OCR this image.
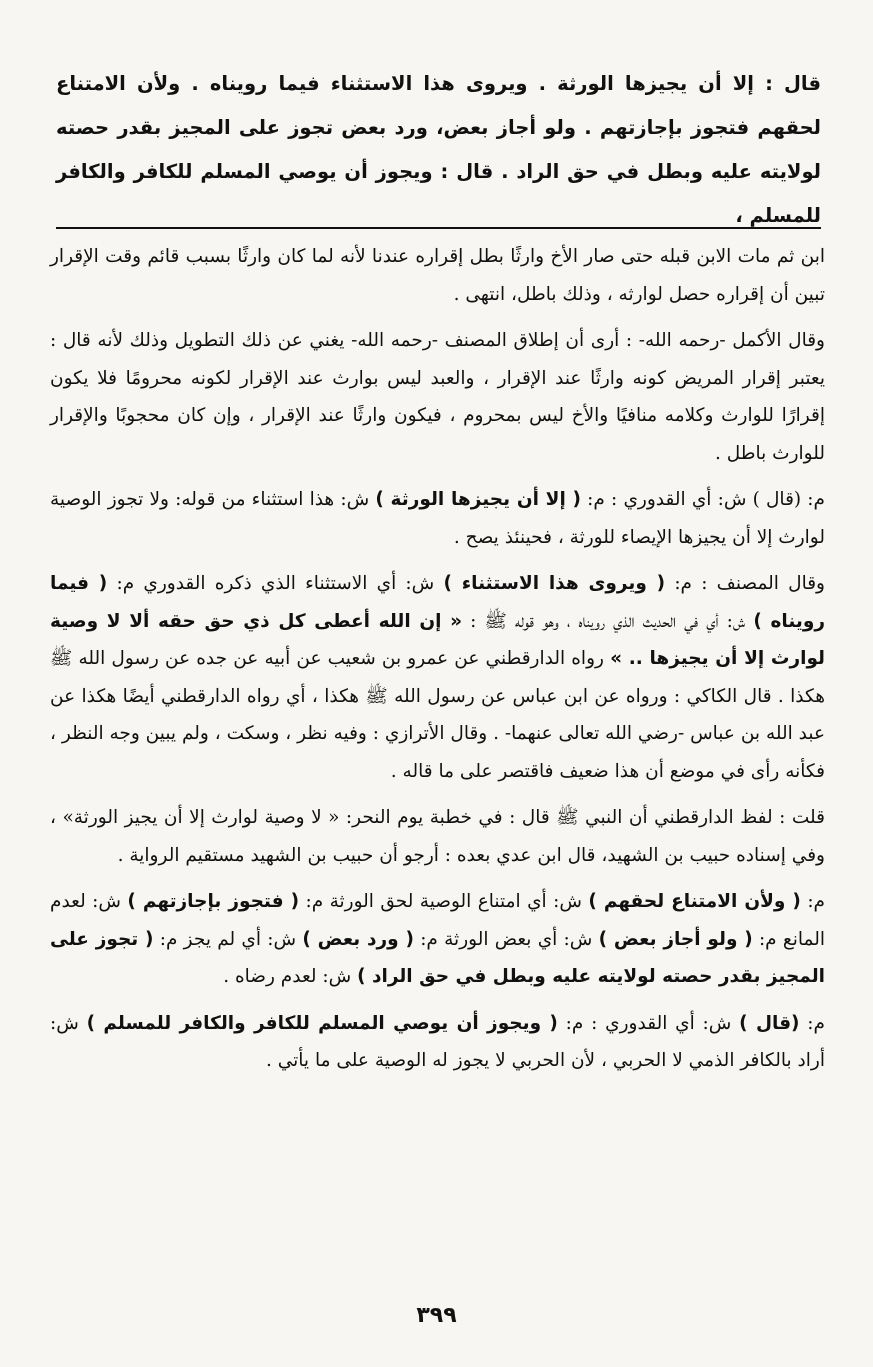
قال : إلا أن يجيزها الورثة . ويروى هذا الاستثناء فيما رويناه . ولأن الامتناع لحقهم فتجوز بإجازتهم . ولو أجاز بعض، ورد بعض تجوز على المجيز بقدر حصته لولايته عليه وبطل في حق الراد . قال : ويجوز أن يوصي المسلم للكافر والكافر للمسلم ،

ابن ثم مات الابن قبله حتى صار الأخ وارثًا بطل إقراره عندنا لأنه لما كان وارثًا بسبب قائم وقت الإقرار تبين أن إقراره حصل لوارثه ، وذلك باطل، انتهى .

وقال الأكمل -رحمه الله- : أرى أن إطلاق المصنف -رحمه الله- يغني عن ذلك التطويل وذلك لأنه قال : يعتبر إقرار المريض كونه وارثًا عند الإقرار ، والعبد ليس بوارث عند الإقرار لكونه محرومًا فلا يكون إقرارًا للوارث وكلامه منافيًا والأخ ليس بمحروم ، فيكون وارثًا عند الإقرار ، وإن كان محجوبًا والإقرار للوارث باطل .

م: (قال ) ش: أي القدوري : م: ( إلا أن يجيزها الورثة ) ش: هذا استثناء من قوله: ولا تجوز الوصية لوارث إلا أن يجيزها الإيصاء للورثة ، فحينئذ يصح .

وقال المصنف : م: ( ويروى هذا الاستثناء ) ش: أي الاستثناء الذي ذكره القدوري م: ( فيما رويناه ) ش: أي في الحديث الذي رويناه ، وهو قوله ﷺ : « إن الله أعطى كل ذي حق حقه ألا لا وصية لوارث إلا أن يجيزها .. » رواه الدارقطني عن عمرو بن شعيب عن أبيه عن جده عن رسول الله ﷺ هكذا . قال الكاكي : ورواه عن ابن عباس عن رسول الله ﷺ هكذا ، أي رواه الدارقطني أيضًا هكذا عن عبد الله بن عباس -رضي الله تعالى عنهما- . وقال الأترازي : وفيه نظر ، وسكت ، ولم يبين وجه النظر ، فكأنه رأى في موضع أن هذا ضعيف فاقتصر على ما قاله .

قلت : لفظ الدارقطني أن النبي ﷺ قال : في خطبة يوم النحر: « لا وصية لوارث إلا أن يجيز الورثة» ، وفي إسناده حبيب بن الشهيد، قال ابن عدي بعده : أرجو أن حبيب بن الشهيد مستقيم الرواية .

م: ( ولأن الامتناع لحقهم ) ش: أي امتناع الوصية لحق الورثة م: ( فتجوز بإجازتهم ) ش: لعدم المانع م: ( ولو أجاز بعض ) ش: أي بعض الورثة م: ( ورد بعض ) ش: أي لم يجز م: ( تجوز على المجيز بقدر حصته لولايته عليه وبطل في حق الراد ) ش: لعدم رضاه .

م: (قال ) ش: أي القدوري : م: ( ويجوز أن يوصي المسلم للكافر والكافر للمسلم ) ش: أراد بالكافر الذمي لا الحربي ، لأن الحربي لا يجوز له الوصية على ما يأتي .

٣٩٩
